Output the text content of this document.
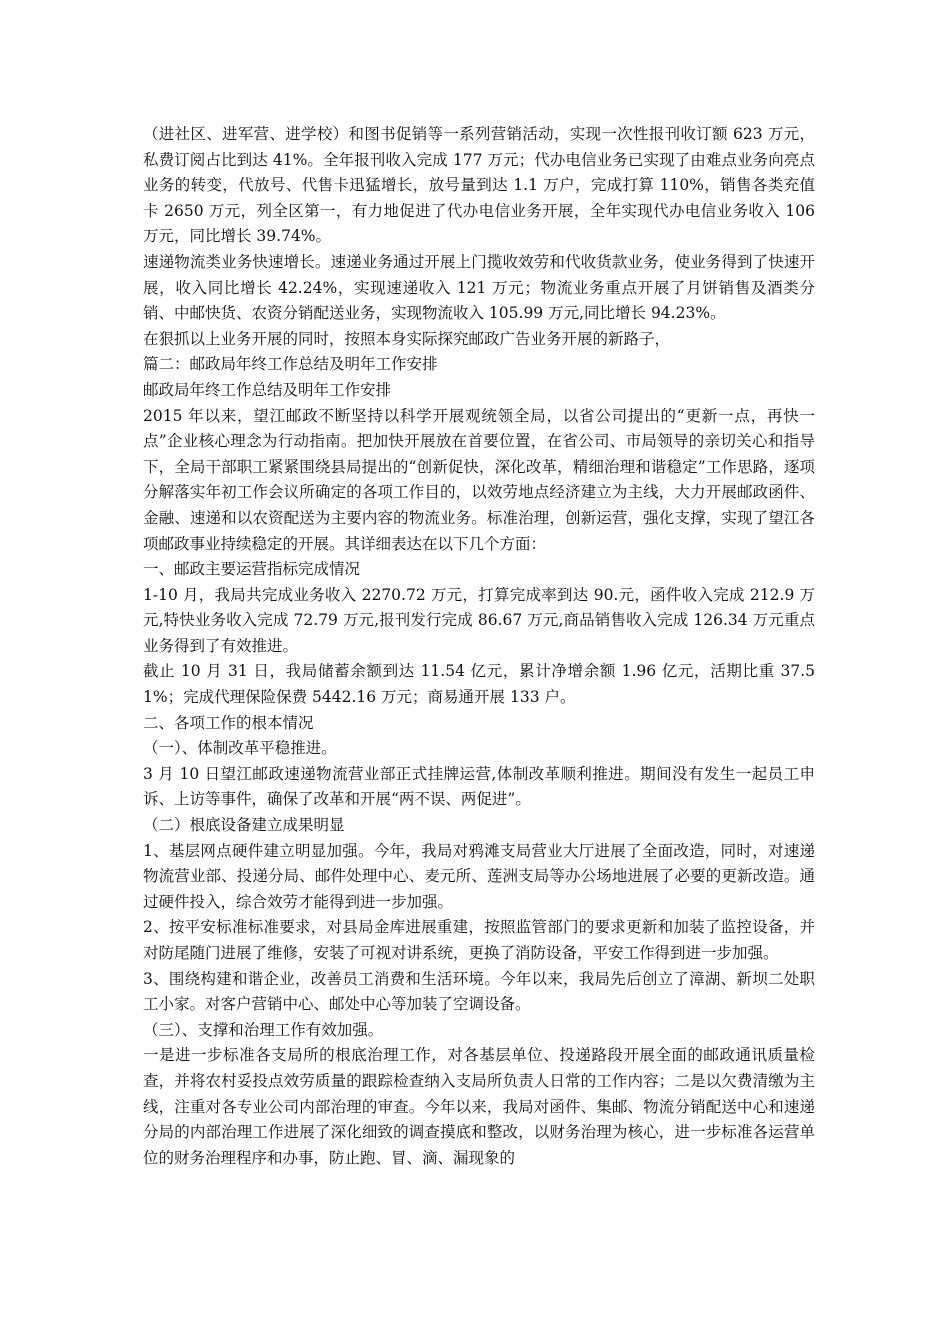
（进社区、进军营、进学校）和图书促销等一系列营销活动，实现一次性报刊收订额 623 万元，私费订阅占比到达 41%。全年报刊收入完成 177 万元；代办电信业务已实现了由难点业务向亮点业务的转变，代放号、代售卡迅猛增长，放号量到达 1.1 万户，完成打算 110%，销售各类充值卡 2650 万元，列全区第一，有力地促进了代办电信业务开展，全年实现代办电信业务收入 106 万元，同比增长 39.74%。

速递物流类业务快速增长。速递业务通过开展上门揽收效劳和代收货款业务，使业务得到了快速开展，收入同比增长 42.24%，实现速递收入 121 万元；物流业务重点开展了月饼销售及酒类分销、中邮快货、农资分销配送业务，实现物流收入 105.99 万元,同比增长 94.23%。

在狠抓以上业务开展的同时，按照本身实际探究邮政广告业务开展的新路子，

篇二：邮政局年终工作总结及明年工作安排

邮政局年终工作总结及明年工作安排

2015 年以来，望江邮政不断坚持以科学开展观统领全局，以省公司提出的“更新一点，再快一点”企业核心理念为行动指南。把加快开展放在首要位置，在省公司、市局领导的亲切关心和指导下，全局干部职工紧紧围绕县局提出的“创新促快，深化改革，精细治理和谐稳定”工作思路，逐项分解落实年初工作会议所确定的各项工作目的，以效劳地点经济建立为主线，大力开展邮政函件、金融、速递和以农资配送为主要内容的物流业务。标准治理，创新运营，强化支撑，实现了望江各项邮政事业持续稳定的开展。其详细表达在以下几个方面：

一、邮政主要运营指标完成情况

1-10 月，我局共完成业务收入 2270.72 万元，打算完成率到达 90.元，函件收入完成 212.9 万元,特快业务收入完成 72.79 万元,报刊发行完成 86.67 万元,商品销售收入完成 126.34 万元重点业务得到了有效推进。

截止 10 月 31 日，我局储蓄余额到达 11.54 亿元，累计净增余额 1.96 亿元，活期比重 37.51%；完成代理保险保费 5442.16 万元；商易通开展 133 户。

二、各项工作的根本情况

（一）、体制改革平稳推进。

3 月 10 日望江邮政速递物流营业部正式挂牌运营,体制改革顺利推进。期间没有发生一起员工申诉、上访等事件，确保了改革和开展“两不误、两促进”。

（二）根底设备建立成果明显

1、基层网点硬件建立明显加强。今年，我局对鸦滩支局营业大厅进展了全面改造，同时，对速递物流营业部、投递分局、邮件处理中心、麦元所、莲洲支局等办公场地进展了必要的更新改造。通过硬件投入，综合效劳才能得到进一步加强。

2、按平安标准标准要求，对县局金库进展重建，按照监管部门的要求更新和加装了监控设备，并对防尾随门进展了维修，安装了可视对讲系统，更换了消防设备，平安工作得到进一步加强。

3、围绕构建和谐企业，改善员工消费和生活环境。今年以来，我局先后创立了漳湖、新坝二处职工小家。对客户营销中心、邮处中心等加装了空调设备。

（三）、支撑和治理工作有效加强。

一是进一步标准各支局所的根底治理工作，对各基层单位、投递路段开展全面的邮政通讯质量检查，并将农村妥投点效劳质量的跟踪检查纳入支局所负责人日常的工作内容；二是以欠费清缴为主线，注重对各专业公司内部治理的审查。今年以来，我局对函件、集邮、物流分销配送中心和速递分局的内部治理工作进展了深化细致的调查摸底和整改，以财务治理为核心，进一步标准各运营单位的财务治理程序和办事，防止跑、冒、滴、漏现象的
